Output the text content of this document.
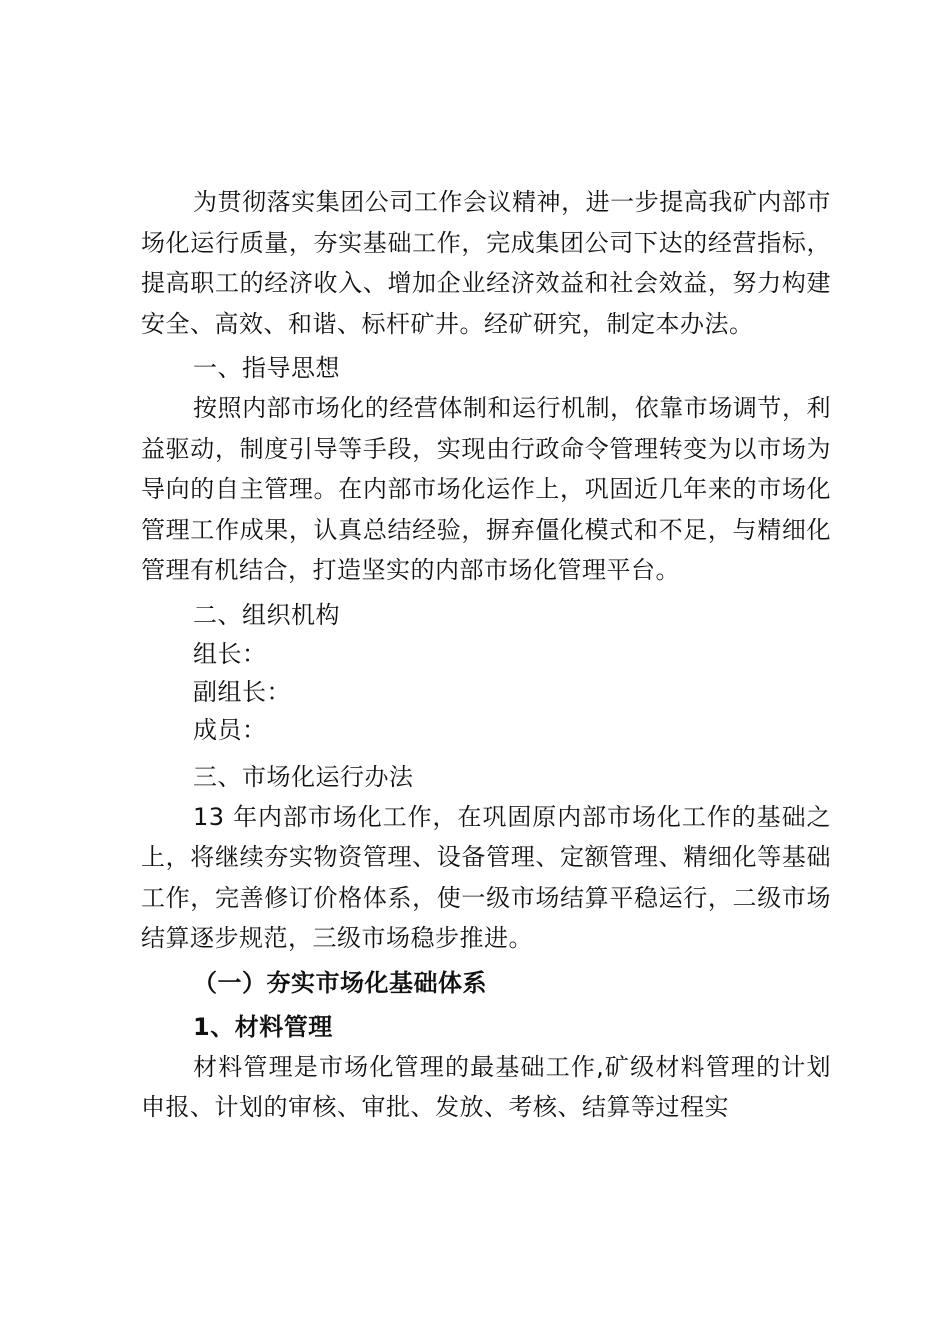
为贯彻落实集团公司工作会议精神，进一步提高我矿内部市场化运行质量，夯实基础工作，完成集团公司下达的经营指标，提高职工的经济收入、增加企业经济效益和社会效益，努力构建安全、高效、和谐、标杆矿井。经矿研究，制定本办法。

一、指导思想

按照内部市场化的经营体制和运行机制，依靠市场调节，利益驱动，制度引导等手段，实现由行政命令管理转变为以市场为导向的自主管理。在内部市场化运作上，巩固近几年来的市场化管理工作成果，认真总结经验，摒弃僵化模式和不足，与精细化管理有机结合，打造坚实的内部市场化管理平台。

二、组织机构

组长：

副组长：

成员：

三、市场化运行办法

13 年内部市场化工作，在巩固原内部市场化工作的基础之上，将继续夯实物资管理、设备管理、定额管理、精细化等基础工作，完善修订价格体系，使一级市场结算平稳运行，二级市场结算逐步规范，三级市场稳步推进。

（一）夯实市场化基础体系

1、材料管理

材料管理是市场化管理的最基础工作,矿级材料管理的计划申报、计划的审核、审批、发放、考核、结算等过程实
